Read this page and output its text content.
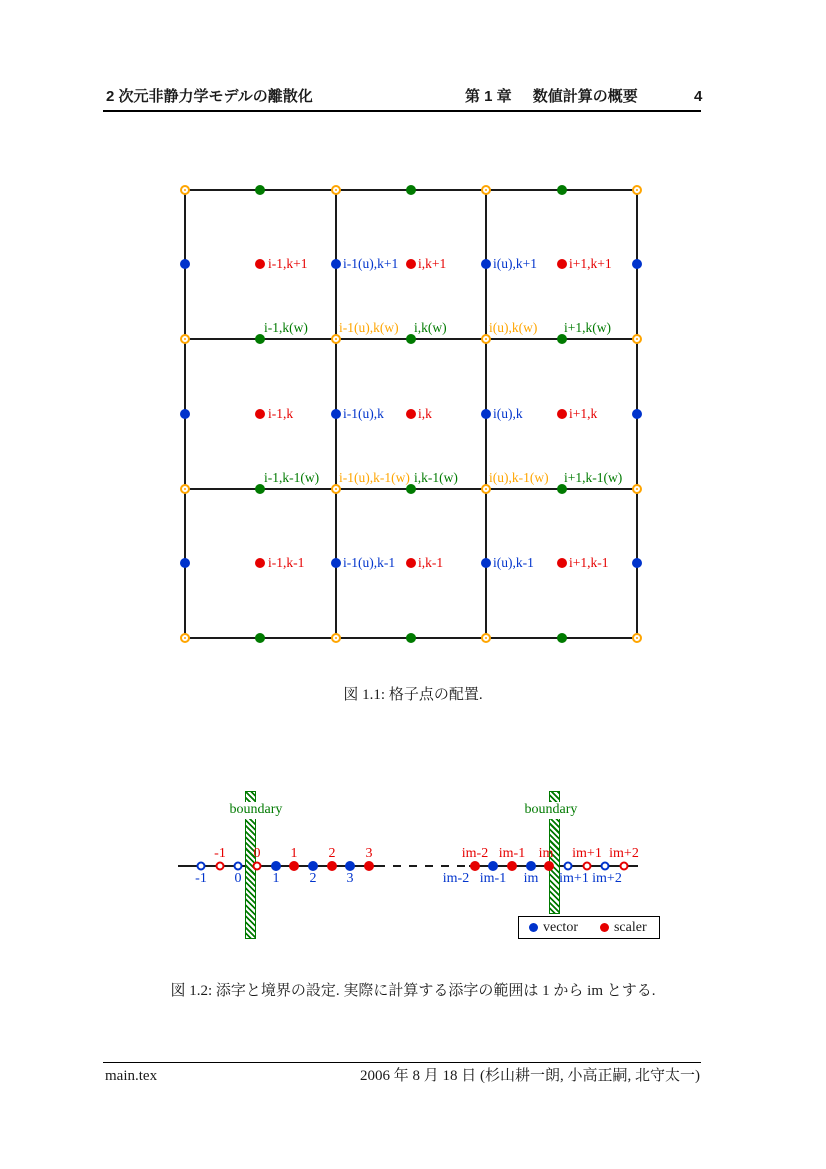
2 次元非静力学モデルの離散化	第 1 章 数値計算の概要	4
i-1,k+1	i-1(u),k+1 i,k+1	i(u),k+1 i+1,k+1
i-1,k(w) i-1(u),k(w) i,k(w)	i(u),k(w) i+1,k(w)
i-1,k	i-1(u),k	i,k	i(u),k	i+1,k
i-1,k-1(w) i-1(u),k-1(w) i,k-1(w) i(u),k-1(w) i+1,k-1(w)
i-1,k-1	i-1(u),k-1 i,k-1	i(u),k-1	i+1,k-1
図 1.1: 格子点の配置.
boundary	boundary
-1 0 1 2 3	im-2 im-1 im im+1 im+2
-1 0 1 2 3	im-2 im-1 im im+1 im+2
vector	scaler
図 1.2: 添字と境界の設定. 実際に計算する添字の範囲は 1 から im とする.
main.tex	2006 年 8 月 18 日 (杉山耕一朗, 小高正嗣, 北守太一)
